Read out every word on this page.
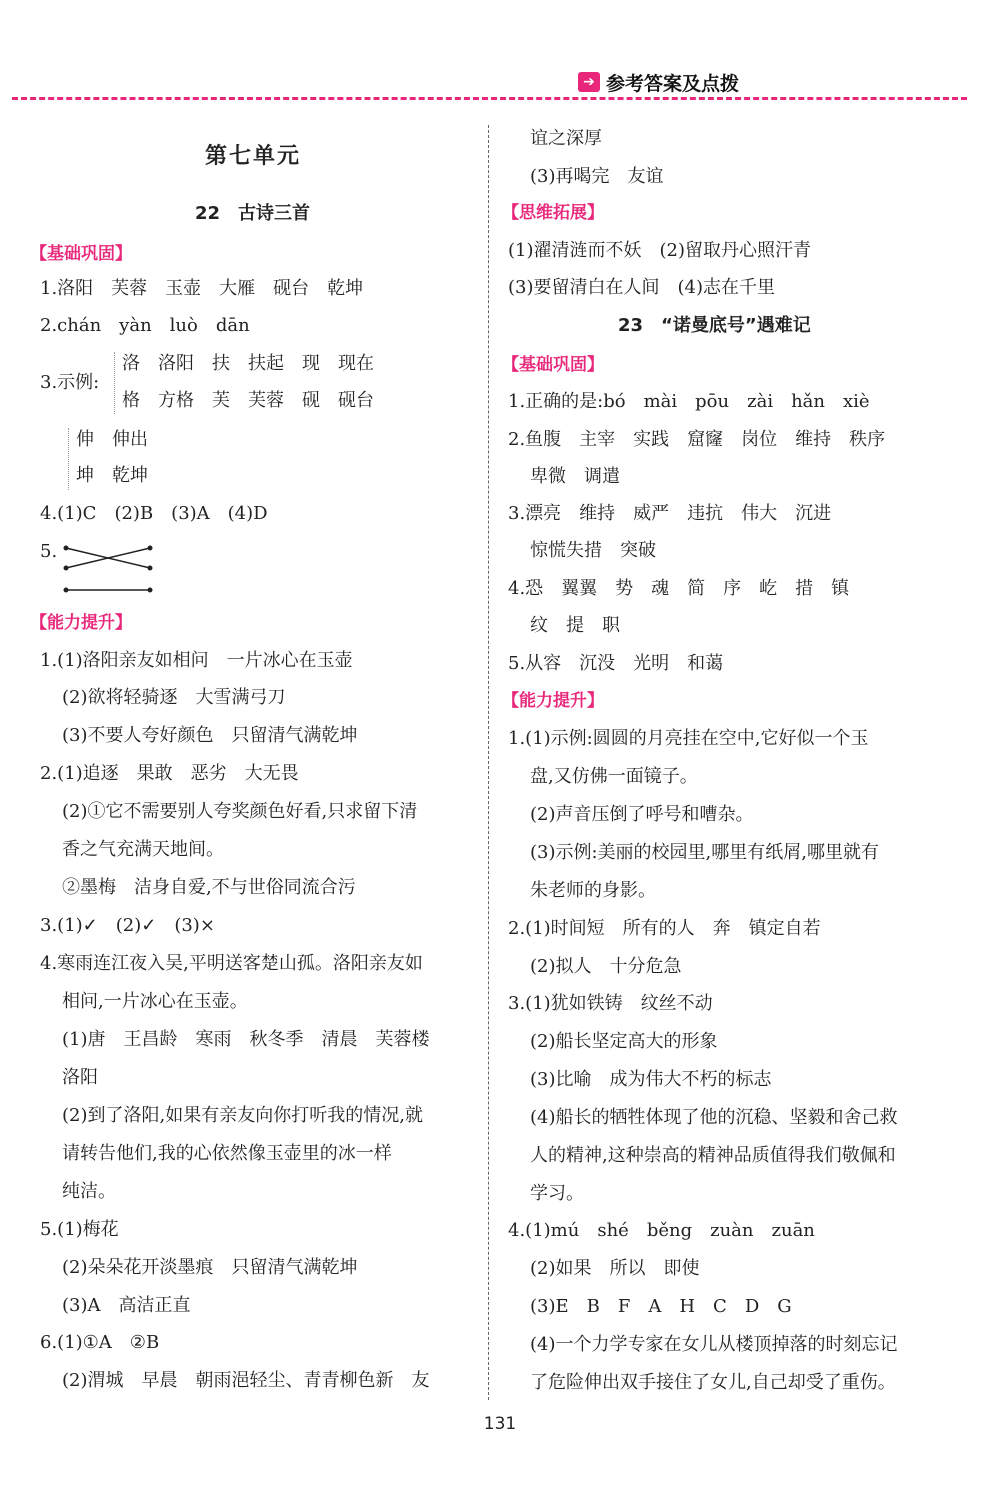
➔ 参考答案及点拨
第七单元
22　古诗三首
【基础巩固】
1.洛阳　芙蓉　玉壶　大雁　砚台　乾坤
2.chán　yàn　luò　dān
3.示例:
洛　洛阳　扶　扶起　现　现在
格　方格　芙　芙蓉　砚　砚台
伸　伸出
坤　乾坤
4.(1)C　(2)B　(3)A　(4)D
5.
【能力提升】
1.(1)洛阳亲友如相问　一片冰心在玉壶
(2)欲将轻骑逐　大雪满弓刀
(3)不要人夸好颜色　只留清气满乾坤
2.(1)追逐　果敢　恶劣　大无畏
(2)①它不需要别人夸奖颜色好看,只求留下清
香之气充满天地间。
②墨梅　洁身自爱,不与世俗同流合污
3.(1)✓　(2)✓　(3)×
4.寒雨连江夜入吴,平明送客楚山孤。洛阳亲友如
相问,一片冰心在玉壶。
(1)唐　王昌龄　寒雨　秋冬季　清晨　芙蓉楼
洛阳
(2)到了洛阳,如果有亲友向你打听我的情况,就
请转告他们,我的心依然像玉壶里的冰一样
纯洁。
5.(1)梅花
(2)朵朵花开淡墨痕　只留清气满乾坤
(3)A　高洁正直
6.(1)①A　②B
(2)渭城　早晨　朝雨浥轻尘、青青柳色新　友
谊之深厚
(3)再喝完　友谊
【思维拓展】
(1)濯清涟而不妖　(2)留取丹心照汗青
(3)要留清白在人间　(4)志在千里
23　“诺曼底号”遇难记
【基础巩固】
1.正确的是:bó　mài　pōu　zài　hǎn　xiè
2.鱼腹　主宰　实践　窟窿　岗位　维持　秩序
卑微　调遣
3.漂亮　维持　威严　违抗　伟大　沉进
惊慌失措　突破
4.恐　翼翼　势　魂　简　序　屹　措　镇
纹　提　职
5.从容　沉没　光明　和蔼
【能力提升】
1.(1)示例:圆圆的月亮挂在空中,它好似一个玉
盘,又仿佛一面镜子。
(2)声音压倒了呼号和嘈杂。
(3)示例:美丽的校园里,哪里有纸屑,哪里就有
朱老师的身影。
2.(1)时间短　所有的人　奔　镇定自若
(2)拟人　十分危急
3.(1)犹如铁铸　纹丝不动
(2)船长坚定高大的形象
(3)比喻　成为伟大不朽的标志
(4)船长的牺牲体现了他的沉稳、坚毅和舍己救
人的精神,这种崇高的精神品质值得我们敬佩和
学习。
4.(1)mú　shé　běng　zuàn　zuān
(2)如果　所以　即使
(3)E　B　F　A　H　C　D　G
(4)一个力学专家在女儿从楼顶掉落的时刻忘记
了危险伸出双手接住了女儿,自己却受了重伤。
131
